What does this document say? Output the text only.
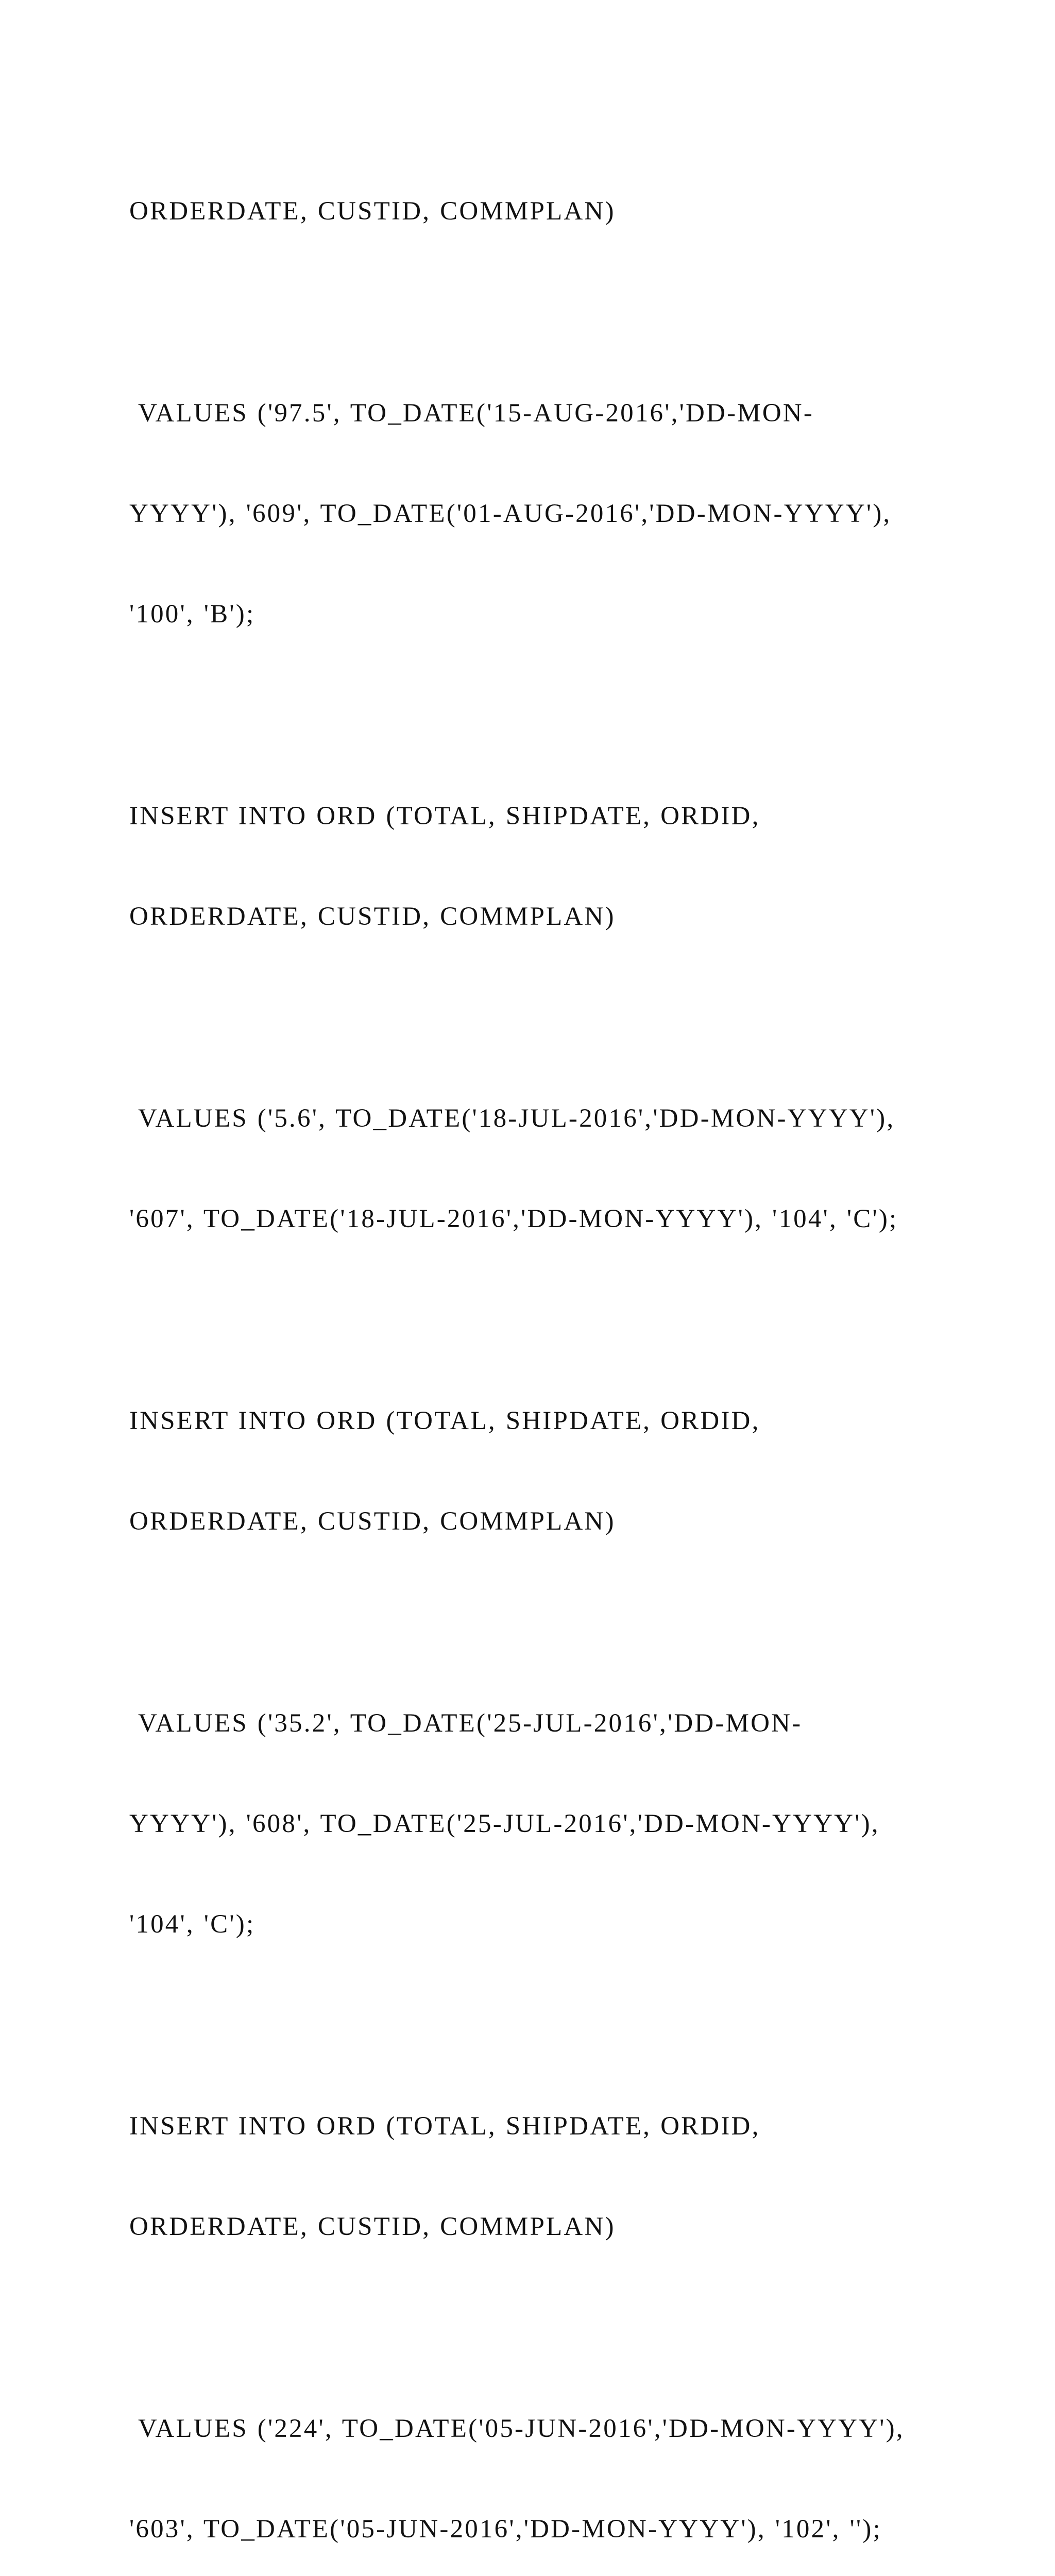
ORDERDATE, CUSTID, COMMPLAN)

VALUES ('97.5', TO_DATE('15-AUG-2016','DD-MON-

YYYY'), '609', TO_DATE('01-AUG-2016','DD-MON-YYYY'),

'100', 'B');

INSERT INTO ORD (TOTAL, SHIPDATE, ORDID,

ORDERDATE, CUSTID, COMMPLAN)

VALUES ('5.6', TO_DATE('18-JUL-2016','DD-MON-YYYY'),

'607', TO_DATE('18-JUL-2016','DD-MON-YYYY'), '104', 'C');

INSERT INTO ORD (TOTAL, SHIPDATE, ORDID,

ORDERDATE, CUSTID, COMMPLAN)

VALUES ('35.2', TO_DATE('25-JUL-2016','DD-MON-

YYYY'), '608', TO_DATE('25-JUL-2016','DD-MON-YYYY'),

'104', 'C');

INSERT INTO ORD (TOTAL, SHIPDATE, ORDID,

ORDERDATE, CUSTID, COMMPLAN)

VALUES ('224', TO_DATE('05-JUN-2016','DD-MON-YYYY'),

'603', TO_DATE('05-JUN-2016','DD-MON-YYYY'), '102', '');
